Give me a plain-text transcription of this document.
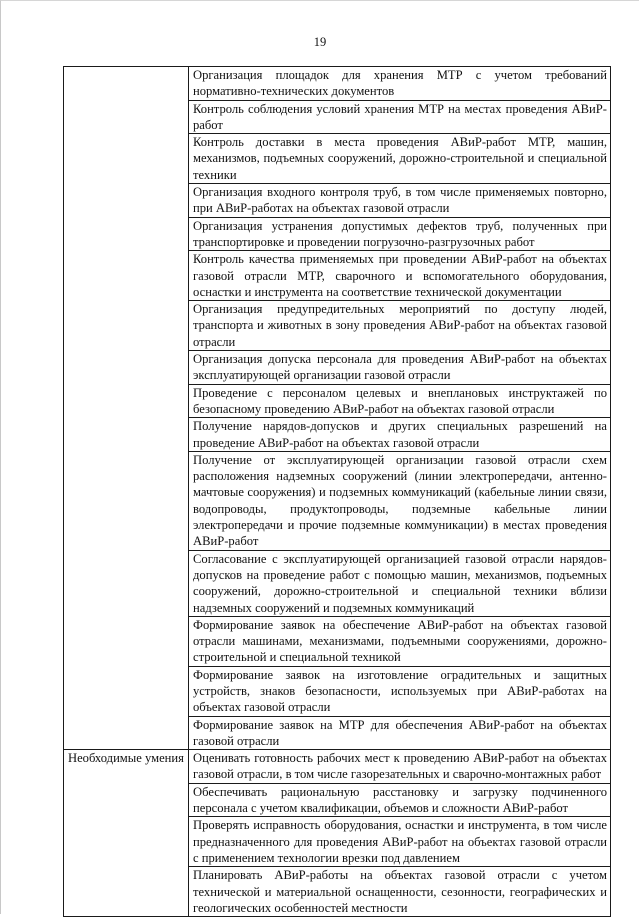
19
	Организация площадок для хранения МТР с учетом требований нормативно-технических документов
	Контроль соблюдения условий хранения МТР на местах проведения АВиР-работ
	Контроль доставки в места проведения АВиР-работ МТР, машин, механизмов, подъемных сооружений, дорожно-строительной и специальной техники
	Организация входного контроля труб, в том числе применяемых повторно, при АВиР-работах на объектах газовой отрасли
	Организация устранения допустимых дефектов труб, полученных при транспортировке и проведении погрузочно-разгрузочных работ
	Контроль качества применяемых при проведении АВиР-работ на объектах газовой отрасли МТР, сварочного и вспомогательного оборудования, оснастки и инструмента на соответствие технической документации
	Организация предупредительных мероприятий по доступу людей, транспорта и животных в зону проведения АВиР-работ на объектах газовой отрасли
	Организация допуска персонала для проведения АВиР-работ на объектах эксплуатирующей организации газовой отрасли
	Проведение с персоналом целевых и внеплановых инструктажей по безопасному проведению АВиР-работ на объектах газовой отрасли
	Получение нарядов-допусков и других специальных разрешений на проведение АВиР-работ на объектах газовой отрасли
	Получение от эксплуатирующей организации газовой отрасли схем расположения надземных сооружений (линии электропередачи, антенно-мачтовые сооружения) и подземных коммуникаций (кабельные линии связи, водопроводы, продуктопроводы, подземные кабельные линии электропередачи и прочие подземные коммуникации) в местах проведения АВиР-работ
	Согласование с эксплуатирующей организацией газовой отрасли нарядов-допусков на проведение работ с помощью машин, механизмов, подъемных сооружений, дорожно-строительной и специальной техники вблизи надземных сооружений и подземных коммуникаций
	Формирование заявок на обеспечение АВиР-работ на объектах газовой отрасли машинами, механизмами, подъемными сооружениями, дорожно-строительной и специальной техникой
	Формирование заявок на изготовление оградительных и защитных устройств, знаков безопасности, используемых при АВиР-работах на объектах газовой отрасли
	Формирование заявок на МТР для обеспечения АВиР-работ на объектах газовой отрасли
Необходимые умения	Оценивать готовность рабочих мест к проведению АВиР-работ на объектах газовой отрасли, в том числе газорезательных и сварочно-монтажных работ
	Обеспечивать рациональную расстановку и загрузку подчиненного персонала с учетом квалификации, объемов и сложности АВиР-работ
	Проверять исправность оборудования, оснастки и инструмента, в том числе предназначенного для проведения АВиР-работ на объектах газовой отрасли с применением технологии врезки под давлением
	Планировать АВиР-работы на объектах газовой отрасли с учетом технической и материальной оснащенности, сезонности, географических и геологических особенностей местности
